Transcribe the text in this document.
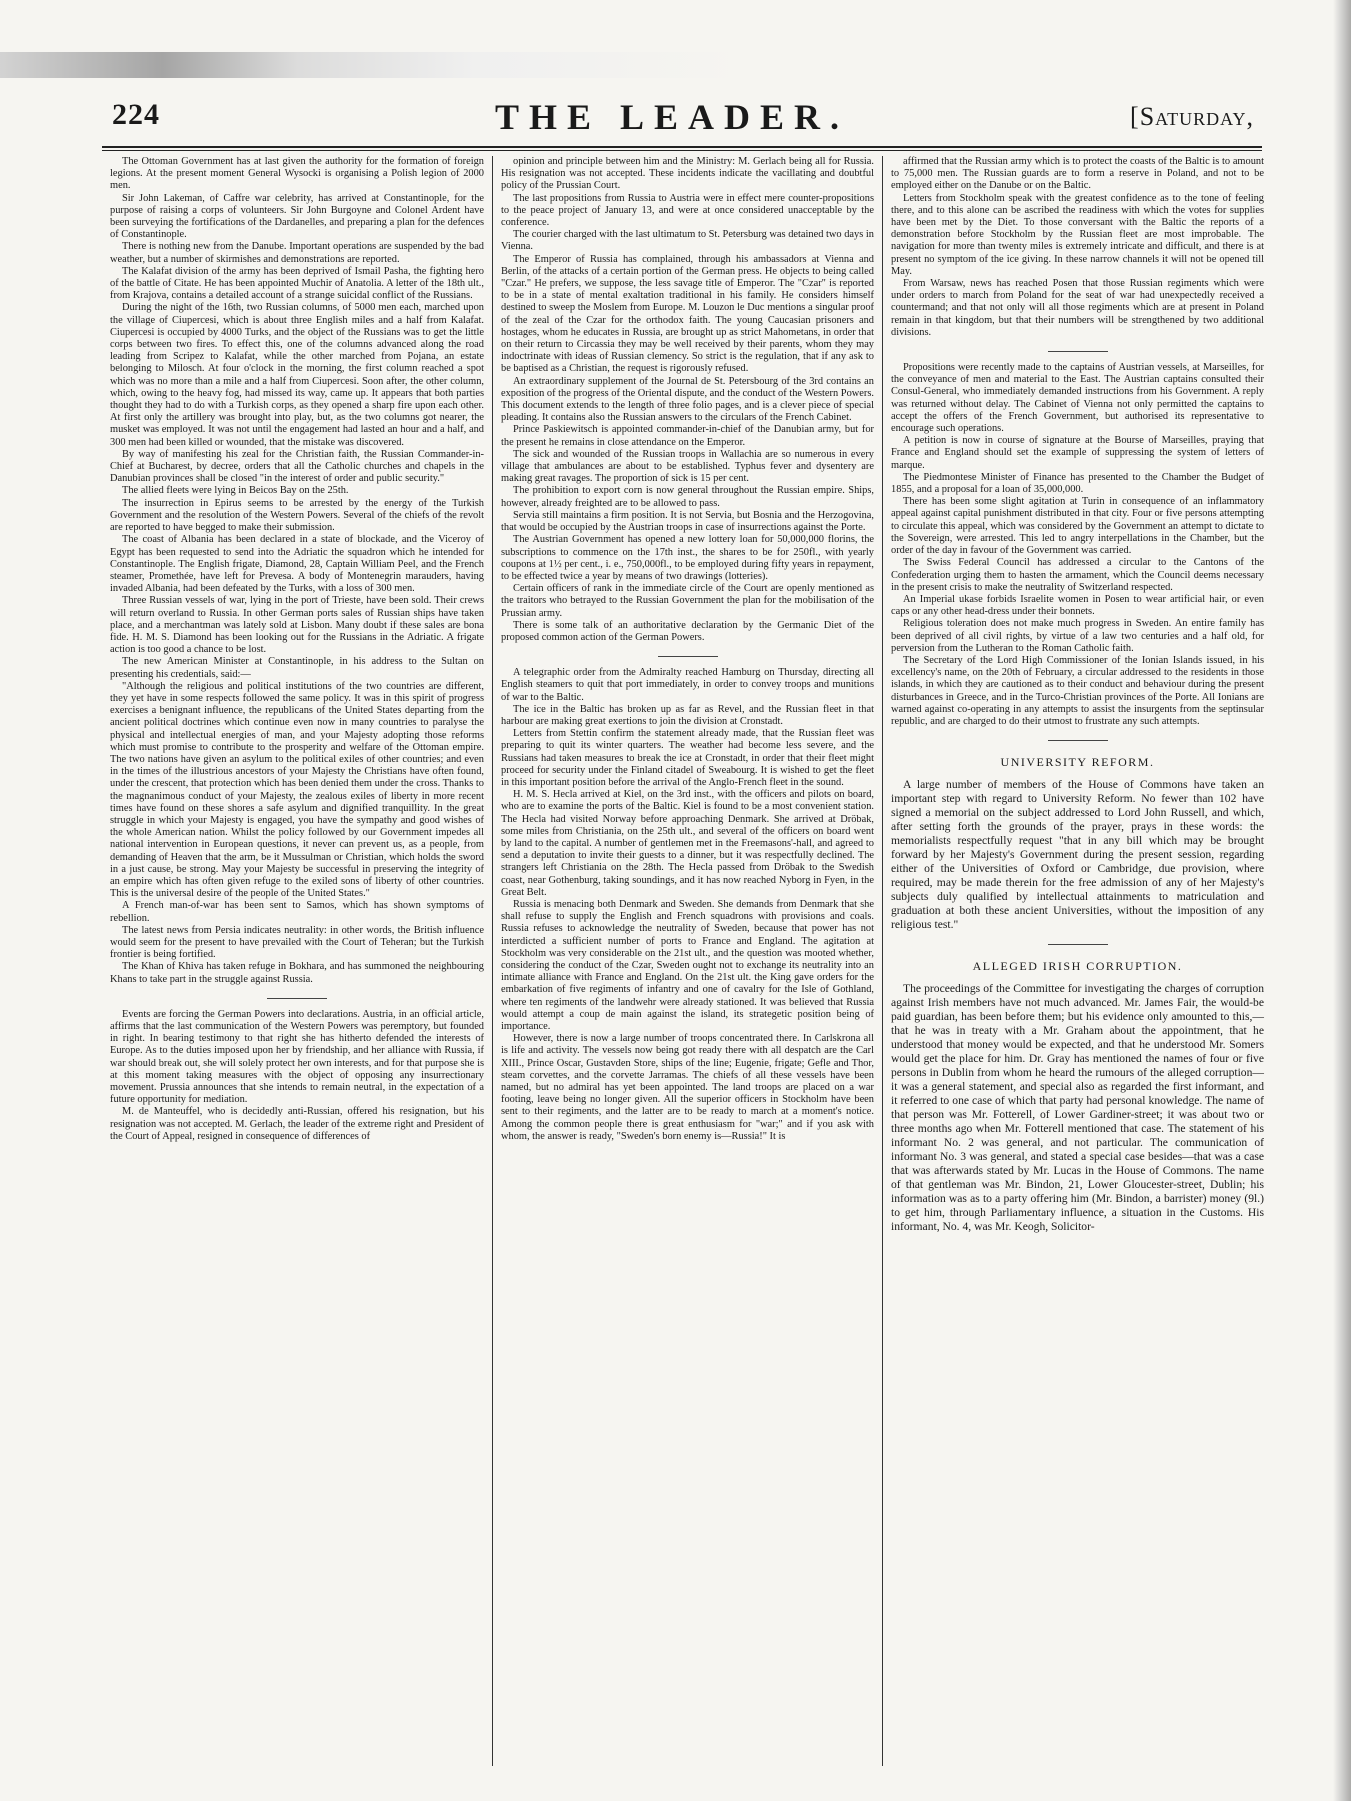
224	THE LEADER.	[Saturday,

The Ottoman Government has at last given the authority for the formation of foreign legions. At the present moment General Wysocki is organising a Polish legion of 2000 men.

Sir John Lakeman, of Caffre war celebrity, has arrived at Constantinople, for the purpose of raising a corps of volunteers. Sir John Burgoyne and Colonel Ardent have been surveying the fortifications of the Dardanelles, and preparing a plan for the defences of Constantinople.

There is nothing new from the Danube. Important operations are suspended by the bad weather, but a number of skirmishes and demonstrations are reported.

The Kalafat division of the army has been deprived of Ismail Pasha, the fighting hero of the battle of Citate. He has been appointed Muchir of Anatolia. A letter of the 18th ult., from Krajova, contains a detailed account of a strange suicidal conflict of the Russians.

During the night of the 16th, two Russian columns, of 5000 men each, marched upon the village of Ciupercesi, which is about three English miles and a half from Kalafat. Ciupercesi is occupied by 4000 Turks, and the object of the Russians was to get the little corps between two fires. To effect this, one of the columns advanced along the road leading from Scripez to Kalafat, while the other marched from Pojana, an estate belonging to Milosch. At four o'clock in the morning, the first column reached a spot which was no more than a mile and a half from Ciupercesi. Soon after, the other column, which, owing to the heavy fog, had missed its way, came up. It appears that both parties thought they had to do with a Turkish corps, as they opened a sharp fire upon each other. At first only the artillery was brought into play, but, as the two columns got nearer, the musket was employed. It was not until the engagement had lasted an hour and a half, and 300 men had been killed or wounded, that the mistake was discovered.

By way of manifesting his zeal for the Christian faith, the Russian Commander-in-Chief at Bucharest, by decree, orders that all the Catholic churches and chapels in the Danubian provinces shall be closed "in the interest of order and public security."

The allied fleets were lying in Beicos Bay on the 25th.

The insurrection in Epirus seems to be arrested by the energy of the Turkish Government and the resolution of the Western Powers. Several of the chiefs of the revolt are reported to have begged to make their submission.

The coast of Albania has been declared in a state of blockade, and the Viceroy of Egypt has been requested to send into the Adriatic the squadron which he intended for Constantinople. The English frigate, Diamond, 28, Captain William Peel, and the French steamer, Promethée, have left for Prevesa. A body of Montenegrin marauders, having invaded Albania, had been defeated by the Turks, with a loss of 300 men.

Three Russian vessels of war, lying in the port of Trieste, have been sold. Their crews will return overland to Russia. In other German ports sales of Russian ships have taken place, and a merchantman was lately sold at Lisbon. Many doubt if these sales are bona fide. H. M. S. Diamond has been looking out for the Russians in the Adriatic. A frigate action is too good a chance to be lost.

The new American Minister at Constantinople, in his address to the Sultan on presenting his credentials, said:—

"Although the religious and political institutions of the two countries are different, they yet have in some respects followed the same policy. It was in this spirit of progress exercises a benignant influence, the republicans of the United States departing from the ancient political doctrines which continue even now in many countries to paralyse the physical and intellectual energies of man, and your Majesty adopting those reforms which must promise to contribute to the prosperity and welfare of the Ottoman empire. The two nations have given an asylum to the political exiles of other countries; and even in the times of the illustrious ancestors of your Majesty the Christians have often found, under the crescent, that protection which has been denied them under the cross. Thanks to the magnanimous conduct of your Majesty, the zealous exiles of liberty in more recent times have found on these shores a safe asylum and dignified tranquillity. In the great struggle in which your Majesty is engaged, you have the sympathy and good wishes of the whole American nation. Whilst the policy followed by our Government impedes all national intervention in European questions, it never can prevent us, as a people, from demanding of Heaven that the arm, be it Mussulman or Christian, which holds the sword in a just cause, be strong. May your Majesty be successful in preserving the integrity of an empire which has often given refuge to the exiled sons of liberty of other countries. This is the universal desire of the people of the United States."

A French man-of-war has been sent to Samos, which has shown symptoms of rebellion.

The latest news from Persia indicates neutrality: in other words, the British influence would seem for the present to have prevailed with the Court of Teheran; but the Turkish frontier is being fortified.

The Khan of Khiva has taken refuge in Bokhara, and has summoned the neighbouring Khans to take part in the struggle against Russia.

Events are forcing the German Powers into declarations. Austria, in an official article, affirms that the last communication of the Western Powers was peremptory, but founded in right. In bearing testimony to that right she has hitherto defended the interests of Europe. As to the duties imposed upon her by friendship, and her alliance with Russia, if war should break out, she will solely protect her own interests, and for that purpose she is at this moment taking measures with the object of opposing any insurrectionary movement. Prussia announces that she intends to remain neutral, in the expectation of a future opportunity for mediation.

M. de Manteuffel, who is decidedly anti-Russian, offered his resignation, but his resignation was not accepted. M. Gerlach, the leader of the extreme right and President of the Court of Appeal, resigned in consequence of differences of

opinion and principle between him and the Ministry: M. Gerlach being all for Russia. His resignation was not accepted. These incidents indicate the vacillating and doubtful policy of the Prussian Court.

The last propositions from Russia to Austria were in effect mere counter-propositions to the peace project of January 13, and were at once considered unacceptable by the conference.

The courier charged with the last ultimatum to St. Petersburg was detained two days in Vienna.

The Emperor of Russia has complained, through his ambassadors at Vienna and Berlin, of the attacks of a certain portion of the German press. He objects to being called "Czar." He prefers, we suppose, the less savage title of Emperor. The "Czar" is reported to be in a state of mental exaltation traditional in his family. He considers himself destined to sweep the Moslem from Europe. M. Louzon le Duc mentions a singular proof of the zeal of the Czar for the orthodox faith. The young Caucasian prisoners and hostages, whom he educates in Russia, are brought up as strict Mahometans, in order that on their return to Circassia they may be well received by their parents, whom they may indoctrinate with ideas of Russian clemency. So strict is the regulation, that if any ask to be baptised as a Christian, the request is rigorously refused.

An extraordinary supplement of the Journal de St. Petersbourg of the 3rd contains an exposition of the progress of the Oriental dispute, and the conduct of the Western Powers. This document extends to the length of three folio pages, and is a clever piece of special pleading. It contains also the Russian answers to the circulars of the French Cabinet.

Prince Paskiewitsch is appointed commander-in-chief of the Danubian army, but for the present he remains in close attendance on the Emperor.

The sick and wounded of the Russian troops in Wallachia are so numerous in every village that ambulances are about to be established. Typhus fever and dysentery are making great ravages. The proportion of sick is 15 per cent.

The prohibition to export corn is now general throughout the Russian empire. Ships, however, already freighted are to be allowed to pass.

Servia still maintains a firm position. It is not Servia, but Bosnia and the Herzogovina, that would be occupied by the Austrian troops in case of insurrections against the Porte.

The Austrian Government has opened a new lottery loan for 50,000,000 florins, the subscriptions to commence on the 17th inst., the shares to be for 250fl., with yearly coupons at 1½ per cent., i. e., 750,000fl., to be employed during fifty years in repayment, to be effected twice a year by means of two drawings (lotteries).

Certain officers of rank in the immediate circle of the Court are openly mentioned as the traitors who betrayed to the Russian Government the plan for the mobilisation of the Prussian army.

There is some talk of an authoritative declaration by the Germanic Diet of the proposed common action of the German Powers.

A telegraphic order from the Admiralty reached Hamburg on Thursday, directing all English steamers to quit that port immediately, in order to convey troops and munitions of war to the Baltic.

The ice in the Baltic has broken up as far as Revel, and the Russian fleet in that harbour are making great exertions to join the division at Cronstadt.

Letters from Stettin confirm the statement already made, that the Russian fleet was preparing to quit its winter quarters. The weather had become less severe, and the Russians had taken measures to break the ice at Cronstadt, in order that their fleet might proceed for security under the Finland citadel of Sweabourg. It is wished to get the fleet in this important position before the arrival of the Anglo-French fleet in the sound.

H. M. S. Hecla arrived at Kiel, on the 3rd inst., with the officers and pilots on board, who are to examine the ports of the Baltic. Kiel is found to be a most convenient station. The Hecla had visited Norway before approaching Denmark. She arrived at Dröbak, some miles from Christiania, on the 25th ult., and several of the officers on board went by land to the capital. A number of gentlemen met in the Freemasons'-hall, and agreed to send a deputation to invite their guests to a dinner, but it was respectfully declined. The strangers left Christiania on the 28th. The Hecla passed from Dröbak to the Swedish coast, near Gothenburg, taking soundings, and it has now reached Nyborg in Fyen, in the Great Belt.

Russia is menacing both Denmark and Sweden. She demands from Denmark that she shall refuse to supply the English and French squadrons with provisions and coals. Russia refuses to acknowledge the neutrality of Sweden, because that power has not interdicted a sufficient number of ports to France and England. The agitation at Stockholm was very considerable on the 21st ult., and the question was mooted whether, considering the conduct of the Czar, Sweden ought not to exchange its neutrality into an intimate alliance with France and England. On the 21st ult. the King gave orders for the embarkation of five regiments of infantry and one of cavalry for the Isle of Gothland, where ten regiments of the landwehr were already stationed. It was believed that Russia would attempt a coup de main against the island, its strategetic position being of importance.

However, there is now a large number of troops concentrated there. In Carlskrona all is life and activity. The vessels now being got ready there with all despatch are the Carl XIII., Prince Oscar, Gustavden Store, ships of the line; Eugenie, frigate; Gefle and Thor, steam corvettes, and the corvette Jarramas. The chiefs of all these vessels have been named, but no admiral has yet been appointed. The land troops are placed on a war footing, leave being no longer given. All the superior officers in Stockholm have been sent to their regiments, and the latter are to be ready to march at a moment's notice. Among the common people there is great enthusiasm for "war;" and if you ask with whom, the answer is ready, "Sweden's born enemy is—Russia!" It is

affirmed that the Russian army which is to protect the coasts of the Baltic is to amount to 75,000 men. The Russian guards are to form a reserve in Poland, and not to be employed either on the Danube or on the Baltic.

Letters from Stockholm speak with the greatest confidence as to the tone of feeling there, and to this alone can be ascribed the readiness with which the votes for supplies have been met by the Diet. To those conversant with the Baltic the reports of a demonstration before Stockholm by the Russian fleet are most improbable. The navigation for more than twenty miles is extremely intricate and difficult, and there is at present no symptom of the ice giving. In these narrow channels it will not be opened till May.

From Warsaw, news has reached Posen that those Russian regiments which were under orders to march from Poland for the seat of war had unexpectedly received a countermand; and that not only will all those regiments which are at present in Poland remain in that kingdom, but that their numbers will be strengthened by two additional divisions.

Propositions were recently made to the captains of Austrian vessels, at Marseilles, for the conveyance of men and material to the East. The Austrian captains consulted their Consul-General, who immediately demanded instructions from his Government. A reply was returned without delay. The Cabinet of Vienna not only permitted the captains to accept the offers of the French Government, but authorised its representative to encourage such operations.

A petition is now in course of signature at the Bourse of Marseilles, praying that France and England should set the example of suppressing the system of letters of marque.

The Piedmontese Minister of Finance has presented to the Chamber the Budget of 1855, and a proposal for a loan of 35,000,000.

There has been some slight agitation at Turin in consequence of an inflammatory appeal against capital punishment distributed in that city. Four or five persons attempting to circulate this appeal, which was considered by the Government an attempt to dictate to the Sovereign, were arrested. This led to angry interpellations in the Chamber, but the order of the day in favour of the Government was carried.

The Swiss Federal Council has addressed a circular to the Cantons of the Confederation urging them to hasten the armament, which the Council deems necessary in the present crisis to make the neutrality of Switzerland respected.

An Imperial ukase forbids Israelite women in Posen to wear artificial hair, or even caps or any other head-dress under their bonnets.

Religious toleration does not make much progress in Sweden. An entire family has been deprived of all civil rights, by virtue of a law two centuries and a half old, for perversion from the Lutheran to the Roman Catholic faith.

The Secretary of the Lord High Commissioner of the Ionian Islands issued, in his excellency's name, on the 20th of February, a circular addressed to the residents in those islands, in which they are cautioned as to their conduct and behaviour during the present disturbances in Greece, and in the Turco-Christian provinces of the Porte. All Ionians are warned against co-operating in any attempts to assist the insurgents from the septinsular republic, and are charged to do their utmost to frustrate any such attempts.

UNIVERSITY REFORM.

A large number of members of the House of Commons have taken an important step with regard to University Reform. No fewer than 102 have signed a memorial on the subject addressed to Lord John Russell, and which, after setting forth the grounds of the prayer, prays in these words: the memorialists respectfully request "that in any bill which may be brought forward by her Majesty's Government during the present session, regarding either of the Universities of Oxford or Cambridge, due provision, where required, may be made therein for the free admission of any of her Majesty's subjects duly qualified by intellectual attainments to matriculation and graduation at both these ancient Universities, without the imposition of any religious test."

ALLEGED IRISH CORRUPTION.

The proceedings of the Committee for investigating the charges of corruption against Irish members have not much advanced. Mr. James Fair, the would-be paid guardian, has been before them; but his evidence only amounted to this,—that he was in treaty with a Mr. Graham about the appointment, that he understood that money would be expected, and that he understood Mr. Somers would get the place for him. Dr. Gray has mentioned the names of four or five persons in Dublin from whom he heard the rumours of the alleged corruption—it was a general statement, and special also as regarded the first informant, and it referred to one case of which that party had personal knowledge. The name of that person was Mr. Fotterell, of Lower Gardiner-street; it was about two or three months ago when Mr. Fotterell mentioned that case. The statement of his informant No. 2 was general, and not particular. The communication of informant No. 3 was general, and stated a special case besides—that was a case that was afterwards stated by Mr. Lucas in the House of Commons. The name of that gentleman was Mr. Bindon, 21, Lower Gloucester-street, Dublin; his information was as to a party offering him (Mr. Bindon, a barrister) money (9l.) to get him, through Parliamentary influence, a situation in the Customs. His informant, No. 4, was Mr. Keogh, Solicitor-
